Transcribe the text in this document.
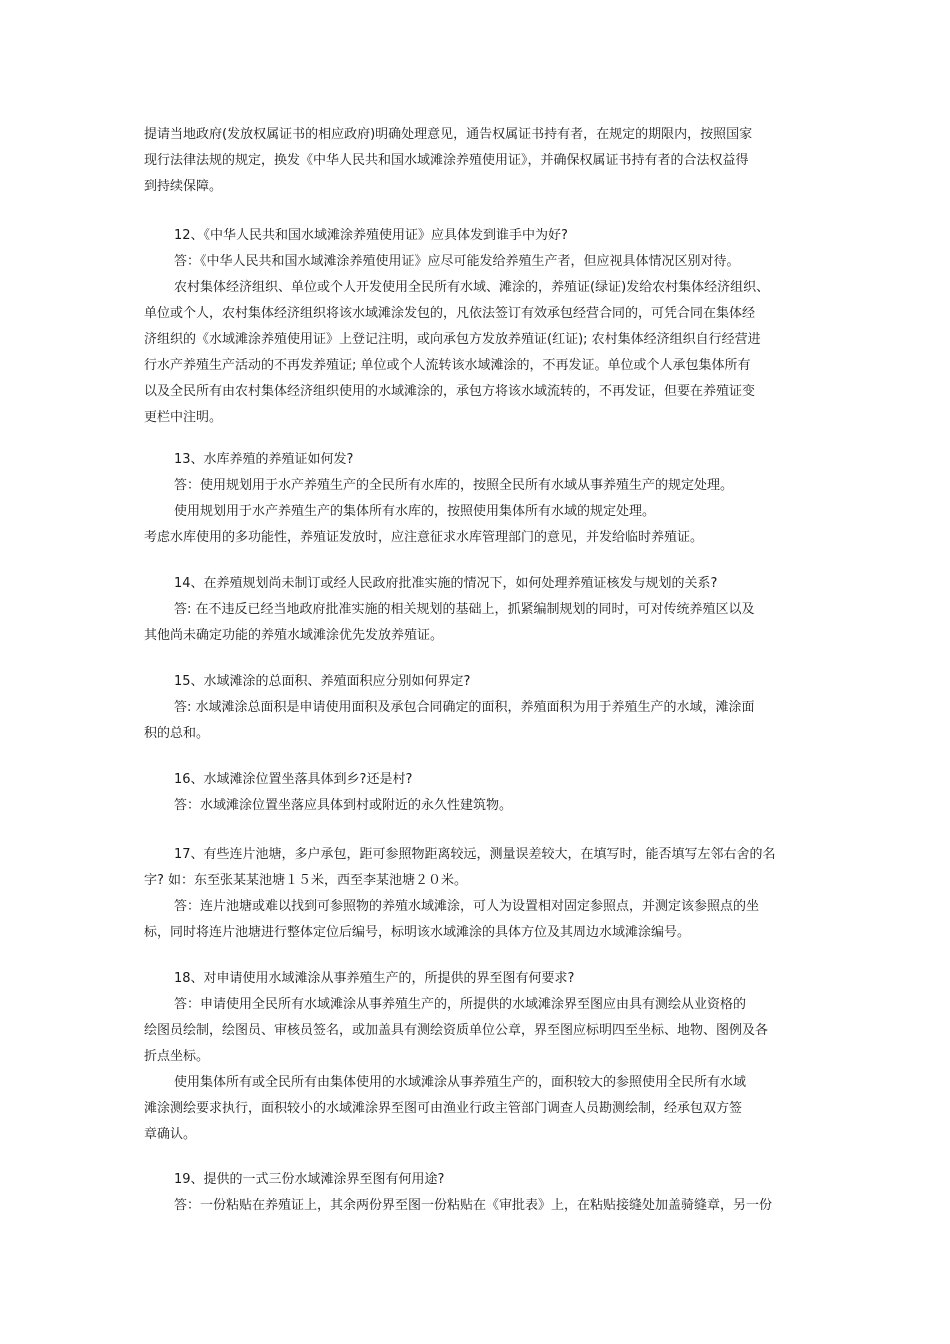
提请当地政府(发放权属证书的相应政府)明确处理意见，通告权属证书持有者，在规定的期限内，按照国家
现行法律法规的规定，换发《中华人民共和国水域滩涂养殖使用证》，并确保权属证书持有者的合法权益得
到持续保障。
12、《中华人民共和国水域滩涂养殖使用证》应具体发到谁手中为好?
答：《中华人民共和国水域滩涂养殖使用证》应尽可能发给养殖生产者，但应视具体情况区别对待。
农村集体经济组织、单位或个人开发使用全民所有水域、滩涂的，养殖证(绿证)发给农村集体经济组织、
单位或个人，农村集体经济组织将该水域滩涂发包的，凡依法签订有效承包经营合同的，可凭合同在集体经
济组织的《水域滩涂养殖使用证》上登记注明，或向承包方发放养殖证(红证); 农村集体经济组织自行经营进
行水产养殖生产活动的不再发养殖证; 单位或个人流转该水域滩涂的，不再发证。单位或个人承包集体所有
以及全民所有由农村集体经济组织使用的水域滩涂的，承包方将该水域流转的，不再发证，但要在养殖证变
更栏中注明。
13、水库养殖的养殖证如何发?
答：使用规划用于水产养殖生产的全民所有水库的，按照全民所有水域从事养殖生产的规定处理。
使用规划用于水产养殖生产的集体所有水库的，按照使用集体所有水域的规定处理。
考虑水库使用的多功能性，养殖证发放时，应注意征求水库管理部门的意见，并发给临时养殖证。
14、在养殖规划尚未制订或经人民政府批准实施的情况下，如何处理养殖证核发与规划的关系?
答: 在不违反已经当地政府批准实施的相关规划的基础上，抓紧编制规划的同时，可对传统养殖区以及
其他尚未确定功能的养殖水域滩涂优先发放养殖证。
15、水域滩涂的总面积、养殖面积应分别如何界定?
答: 水域滩涂总面积是申请使用面积及承包合同确定的面积，养殖面积为用于养殖生产的水域，滩涂面
积的总和。
16、水域滩涂位置坐落具体到乡?还是村?
答：水域滩涂位置坐落应具体到村或附近的永久性建筑物。
17、有些连片池塘，多户承包，距可参照物距离较远，测量误差较大，在填写时，能否填写左邻右舍的名
字? 如：东至张某某池塘１５米，西至李某池塘２０米。
答：连片池塘或难以找到可参照物的养殖水域滩涂，可人为设置相对固定参照点，并测定该参照点的坐
标，同时将连片池塘进行整体定位后编号，标明该水域滩涂的具体方位及其周边水域滩涂编号。
18、对申请使用水域滩涂从事养殖生产的，所提供的界至图有何要求?
答：申请使用全民所有水域滩涂从事养殖生产的，所提供的水域滩涂界至图应由具有测绘从业资格的
绘图员绘制，绘图员、审核员签名，或加盖具有测绘资质单位公章，界至图应标明四至坐标、地物、图例及各
折点坐标。
使用集体所有或全民所有由集体使用的水域滩涂从事养殖生产的，面积较大的参照使用全民所有水域
滩涂测绘要求执行，面积较小的水域滩涂界至图可由渔业行政主管部门调查人员勘测绘制，经承包双方签
章确认。
19、提供的一式三份水域滩涂界至图有何用途?
答：一份粘贴在养殖证上，其余两份界至图一份粘贴在《审批表》上，在粘贴接缝处加盖骑缝章，另一份
